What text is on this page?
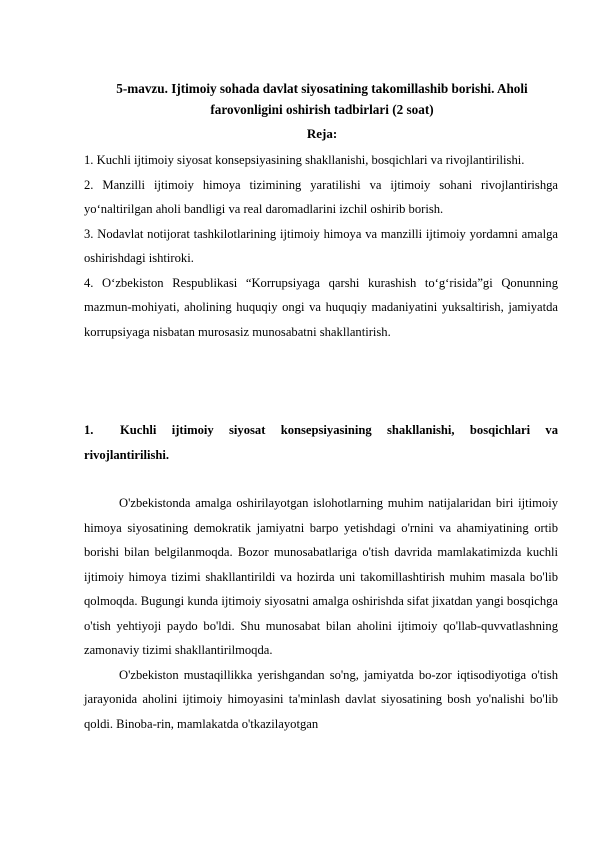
5-mavzu. Ijtimoiy sohada davlat siyosatining takomillashib borishi. Aholi farovonligini oshirish tadbirlari (2 soat)
Reja:

1. Kuchli ijtimoiy siyosat konsepsiyasining shakllanishi, bosqichlari va rivojlantirilishi.

2. Manzilli ijtimoiy himoya tizimining yaratilishi va ijtimoiy sohani rivojlantirishga yo‘naltirilgan aholi bandligi va real daromadlarini izchil oshirib borish.

3. Nodavlat notijorat tashkilotlarining ijtimoiy himoya va manzilli ijtimoiy yordamni amalga oshirishdagi ishtiroki.

4. O‘zbekiston Respublikasi “Korrupsiyaga qarshi kurashish to‘g‘risida”gi Qonunning mazmun-mohiyati, aholining huquqiy ongi va huquqiy madaniyatini yuksaltirish, jamiyatda korrupsiyaga nisbatan murosasiz munosabatni shakllantirish.

1. Kuchli ijtimoiy siyosat konsepsiyasining shakllanishi, bosqichlari va rivojlantirilishi.

O'zbekistonda amalga oshirilayotgan islohotlarning muhim natijalaridan biri ijtimoiy himoya siyosatining demokratik jamiyatni barpo yetishdagi o'rnini va ahamiyatining ortib borishi bilan belgilanmoqda. Bozor munosabatlariga o'tish davrida mamlakatimizda kuchli ijtimoiy himoya tizimi shakllantirildi va hozirda uni takomillashtirish muhim masala bo'lib qolmoqda. Bugungi kunda ijtimoiy siyosatni amalga oshirishda sifat jixatdan yangi bosqichga o'tish yehtiyoji paydo bo'ldi. Shu munosabat bilan aholini ijtimoiy qo'llab-quvvatlashning zamonaviy tizimi shakllantirilmoqda.

O'zbekiston mustaqillikka yerishgandan so'ng, jamiyatda bo-zor iqtisodiyotiga o'tish jarayonida aholini ijtimoiy himoyasini ta'minlash davlat siyosatining bosh yo'nalishi bo'lib qoldi. Binoba-rin, mamlakatda o'tkazilayotgan
